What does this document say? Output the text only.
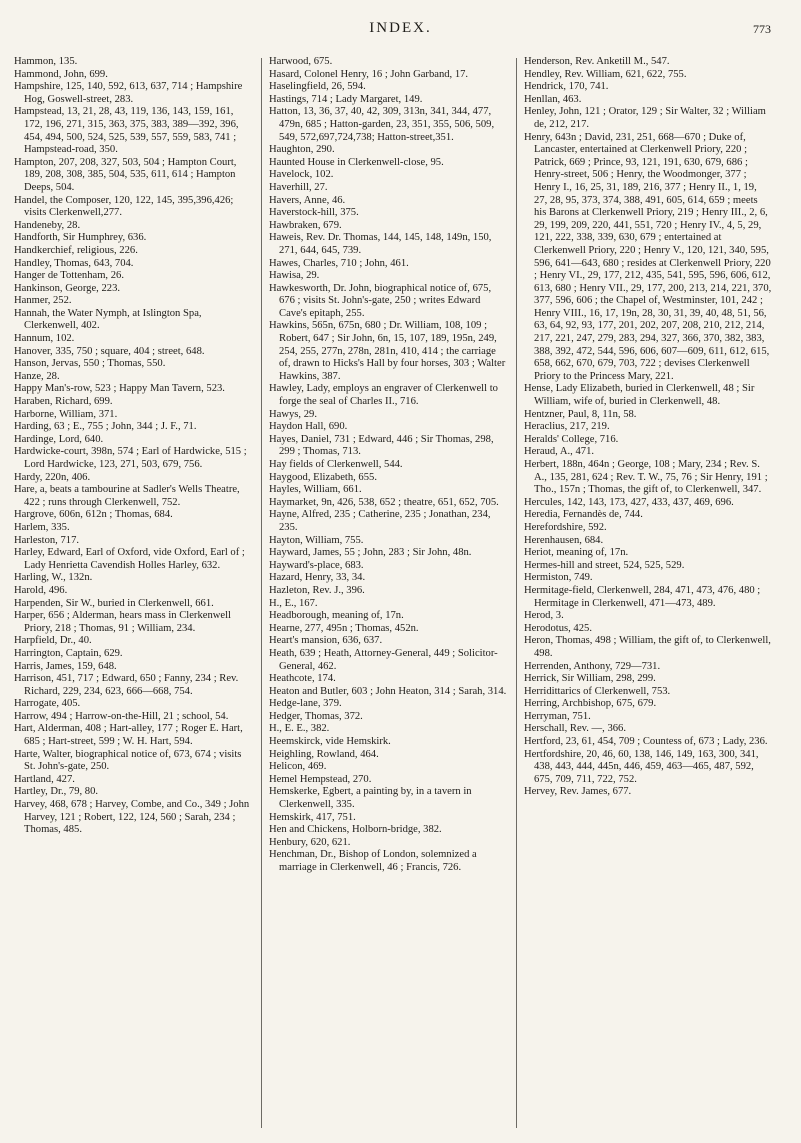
INDEX.	773

Hammon, 135.

Hammond, John, 699.

Hampshire, 125, 140, 592, 613, 637, 714 ; Hampshire Hog, Goswell-street, 283.

Hampstead, 13, 21, 28, 43, 119, 136, 143, 159, 161, 172, 196, 271, 315, 363, 375, 383, 389—392, 396, 454, 494, 500, 524, 525, 539, 557, 559, 583, 741 ; Hampstead-road, 350.

Hampton, 207, 208, 327, 503, 504 ; Hampton Court, 189, 208, 308, 385, 504, 535, 611, 614 ; Hampton Deeps, 504.

Handel, the Composer, 120, 122, 145, 395,396,426; visits Clerkenwell,277.

Handeneby, 28.

Handforth, Sir Humphrey, 636.

Handkerchief, religious, 226.

Handley, Thomas, 643, 704.

Hanger de Tottenham, 26.

Hankinson, George, 223.

Hanmer, 252.

Hannah, the Water Nymph, at Islington Spa, Clerkenwell, 402.

Hannum, 102.

Hanover, 335, 750 ; square, 404 ; street, 648.

Hanson, Jervas, 550 ; Thomas, 550.

Hanze, 28.

Happy Man's-row, 523 ; Happy Man Tavern, 523.

Haraben, Richard, 699.

Harborne, William, 371.

Harding, 63 ; E., 755 ; John, 344 ; J. F., 71.

Hardinge, Lord, 640.

Hardwicke-court, 398n, 574 ; Earl of Hardwicke, 515 ; Lord Hardwicke, 123, 271, 503, 679, 756.

Hardy, 220n, 406.

Hare, a, beats a tambourine at Sadler's Wells Theatre, 422 ; runs through Clerkenwell, 752.

Hargrove, 606n, 612n ; Thomas, 684.

Harlem, 335.

Harleston, 717.

Harley, Edward, Earl of Oxford, vide Oxford, Earl of ; Lady Henrietta Cavendish Holles Harley, 632.

Harling, W., 132n.

Harold, 496.

Harpenden, Sir W., buried in Clerkenwell, 661.

Harper, 656 ; Alderman, hears mass in Clerkenwell Priory, 218 ; Thomas, 91 ; William, 234.

Harpfield, Dr., 40.

Harrington, Captain, 629.

Harris, James, 159, 648.

Harrison, 451, 717 ; Edward, 650 ; Fanny, 234 ; Rev. Richard, 229, 234, 623, 666—668, 754.

Harrogate, 405.

Harrow, 494 ; Harrow-on-the-Hill, 21 ; school, 54.

Hart, Alderman, 408 ; Hart-alley, 177 ; Roger E. Hart, 685 ; Hart-street, 599 ; W. H. Hart, 594.

Harte, Walter, biographical notice of, 673, 674 ; visits St. John's-gate, 250.

Hartland, 427.

Hartley, Dr., 79, 80.

Harvey, 468, 678 ; Harvey, Combe, and Co., 349 ; John Harvey, 121 ; Robert, 122, 124, 560 ; Sarah, 234 ; Thomas, 485.

Harwood, 675.

Hasard, Colonel Henry, 16 ; John Garband, 17.

Haselingfield, 26, 594.

Hastings, 714 ; Lady Margaret, 149.

Hatton, 13, 36, 37, 40, 42, 309, 313n, 341, 344, 477, 479n, 685 ; Hatton-garden, 23, 351, 355, 506, 509, 549, 572,697,724,738; Hatton-street,351.

Haughton, 290.

Haunted House in Clerkenwell-close, 95.

Havelock, 102.

Haverhill, 27.

Havers, Anne, 46.

Haverstock-hill, 375.

Hawbraken, 679.

Haweis, Rev. Dr. Thomas, 144, 145, 148, 149n, 150, 271, 644, 645, 739.

Hawes, Charles, 710 ; John, 461.

Hawisa, 29.

Hawkesworth, Dr. John, biographical notice of, 675, 676 ; visits St. John's-gate, 250 ; writes Edward Cave's epitaph, 255.

Hawkins, 565n, 675n, 680 ; Dr. William, 108, 109 ; Robert, 647 ; Sir John, 6n, 15, 107, 189, 195n, 249, 254, 255, 277n, 278n, 281n, 410, 414 ; the carriage of, drawn to Hicks's Hall by four horses, 303 ; Walter Hawkins, 387.

Hawley, Lady, employs an engraver of Clerkenwell to forge the seal of Charles II., 716.

Hawys, 29.

Haydon Hall, 690.

Hayes, Daniel, 731 ; Edward, 446 ; Sir Thomas, 298, 299 ; Thomas, 713.

Hay fields of Clerkenwell, 544.

Haygood, Elizabeth, 655.

Hayles, William, 661.

Haymarket, 9n, 426, 538, 652 ; theatre, 651, 652, 705.

Hayne, Alfred, 235 ; Catherine, 235 ; Jonathan, 234, 235.

Hayton, William, 755.

Hayward, James, 55 ; John, 283 ; Sir John, 48n.

Hayward's-place, 683.

Hazard, Henry, 33, 34.

Hazleton, Rev. J., 396.

H., E., 167.

Headborough, meaning of, 17n.

Hearne, 277, 495n ; Thomas, 452n.

Heart's mansion, 636, 637.

Heath, 639 ; Heath, Attorney-General, 449 ; Solicitor-General, 462.

Heathcote, 174.

Heaton and Butler, 603 ; John Heaton, 314 ; Sarah, 314.

Hedge-lane, 379.

Hedger, Thomas, 372.

H., E. E., 382.

Heemskirck, vide Hemskirk.

Heighling, Rowland, 464.

Helicon, 469.

Hemel Hempstead, 270.

Hemskerke, Egbert, a painting by, in a tavern in Clerkenwell, 335.

Hemskirk, 417, 751.

Hen and Chickens, Holborn-bridge, 382.

Henbury, 620, 621.

Henchman, Dr., Bishop of London, solemnized a marriage in Clerkenwell, 46 ; Francis, 726.

Henderson, Rev. Anketill M., 547.

Hendley, Rev. William, 621, 622, 755.

Hendrick, 170, 741.

Henllan, 463.

Henley, John, 121 ; Orator, 129 ; Sir Walter, 32 ; William de, 212, 217.

Henry, 643n ; David, 231, 251, 668—670 ; Duke of, Lancaster, entertained at Clerkenwell Priory, 220 ; Patrick, 669 ; Prince, 93, 121, 191, 630, 679, 686 ; Henry-street, 506 ; Henry, the Woodmonger, 377 ; Henry I., 16, 25, 31, 189, 216, 377 ; Henry II., 1, 19, 27, 28, 95, 373, 374, 388, 491, 605, 614, 659 ; meets his Barons at Clerkenwell Priory, 219 ; Henry III., 2, 6, 29, 199, 209, 220, 441, 551, 720 ; Henry IV., 4, 5, 29, 121, 222, 338, 339, 630, 679 ; entertained at Clerkenwell Priory, 220 ; Henry V., 120, 121, 340, 595, 596, 641—643, 680 ; resides at Clerkenwell Priory, 220 ; Henry VI., 29, 177, 212, 435, 541, 595, 596, 606, 612, 613, 680 ; Henry VII., 29, 177, 200, 213, 214, 221, 370, 377, 596, 606 ; the Chapel of, Westminster, 101, 242 ; Henry VIII., 16, 17, 19n, 28, 30, 31, 39, 40, 48, 51, 56, 63, 64, 92, 93, 177, 201, 202, 207, 208, 210, 212, 214, 217, 221, 247, 279, 283, 294, 327, 366, 370, 382, 383, 388, 392, 472, 544, 596, 606, 607—609, 611, 612, 615, 658, 662, 670, 679, 703, 722 ; devises Clerkenwell Priory to the Princess Mary, 221.

Hense, Lady Elizabeth, buried in Clerkenwell, 48 ; Sir William, wife of, buried in Clerkenwell, 48.

Hentzner, Paul, 8, 11n, 58.

Heraclius, 217, 219.

Heralds' College, 716.

Heraud, A., 471.

Herbert, 188n, 464n ; George, 108 ; Mary, 234 ; Rev. S. A., 135, 281, 624 ; Rev. T. W., 75, 76 ; Sir Henry, 191 ; Tho., 157n ; Thomas, the gift of, to Clerkenwell, 347.

Hercules, 142, 143, 173, 427, 433, 437, 469, 696.

Heredia, Fernandès de, 744.

Herefordshire, 592.

Herenhausen, 684.

Heriot, meaning of, 17n.

Hermes-hill and street, 524, 525, 529.

Hermiston, 749.

Hermitage-field, Clerkenwell, 284, 471, 473, 476, 480 ; Hermitage in Clerkenwell, 471—473, 489.

Herod, 3.

Herodotus, 425.

Heron, Thomas, 498 ; William, the gift of, to Clerkenwell, 498.

Herrenden, Anthony, 729—731.

Herrick, Sir William, 298, 299.

Herridittarics of Clerkenwell, 753.

Herring, Archbishop, 675, 679.

Herryman, 751.

Herschall, Rev. —, 366.

Hertford, 23, 61, 454, 709 ; Countess of, 673 ; Lady, 236.

Hertfordshire, 20, 46, 60, 138, 146, 149, 163, 300, 341, 438, 443, 444, 445n, 446, 459, 463—465, 487, 592, 675, 709, 711, 722, 752.

Hervey, Rev. James, 677.
